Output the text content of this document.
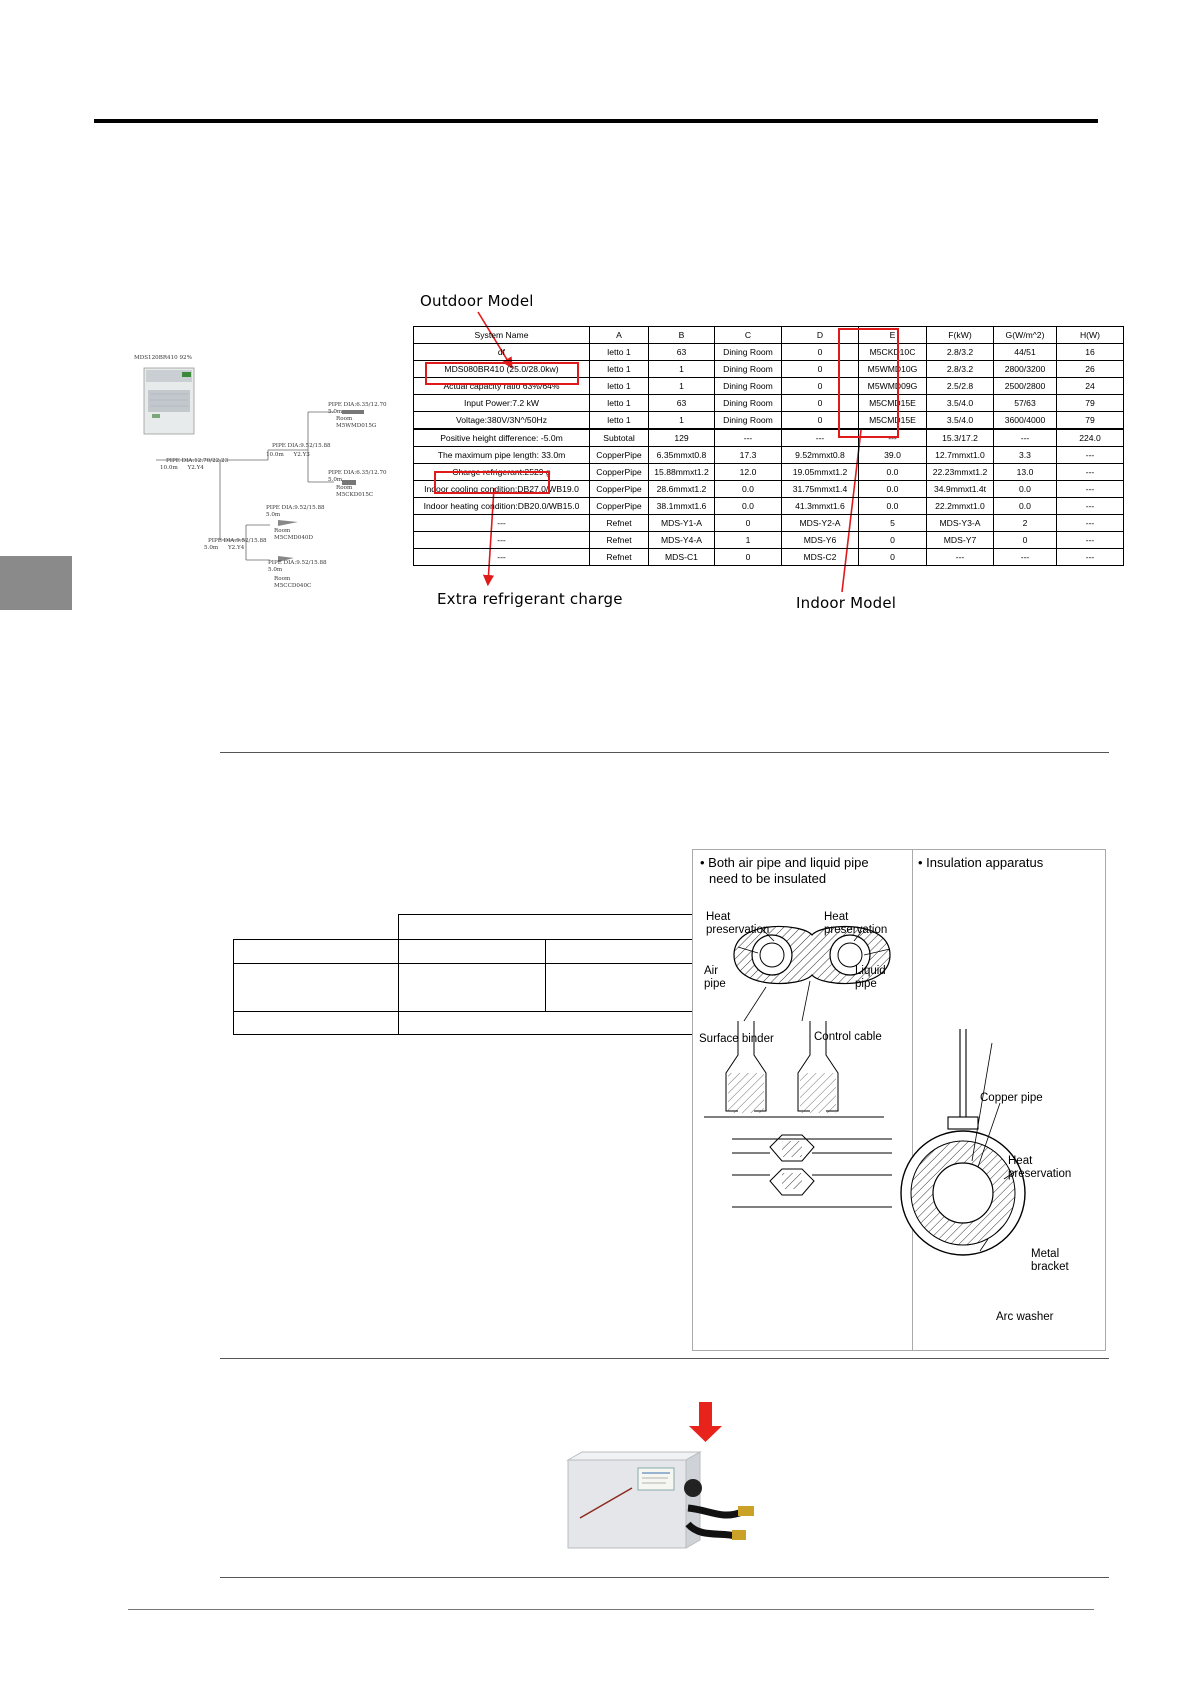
MDS120BR410 92%
PIPE DIA:6.35/12.70
5.0m
Room
M5WMD015G
PIPE DIA:9.52/15.88
10.0m Y2.Y3
PIPE DIA:6.35/12.70
5.0m
Room
M5CKD015C
PIPE DIA:12.70/22.23
10.0m Y2.Y4
PIPE DIA:9.52/15.88
5.0m
Room
M5CMD040D
PIPE DIA:9.52/15.88
5.0m Y2.Y4
PIPE DIA:9.52/15.88
5.0m
Room
M5CCD040C
Outdoor Model
Extra refrigerant charge	Indoor Model
System Name	A	B	C	D	E	F(kW)	G(W/m^2)	H(W)
df	letto 1	63	Dining Room	0	M5CKD10C	2.8/3.2	44/51	16
MDS080BR410 (25.0/28.0kw)	letto 1	1	Dining Room	0	M5WMD10G	2.8/3.2	2800/3200	26
Actual capacity ratio 63%/64%	letto 1	1	Dining Room	0	M5WMD09G	2.5/2.8	2500/2800	24
Input Power:7.2 kW	letto 1	63	Dining Room	0	M5CMD15E	3.5/4.0	57/63	79
Voltage:380V/3N^/50Hz	letto 1	1	Dining Room	0	M5CMD15E	3.5/4.0	3600/4000	79
Positive height difference: -5.0m	Subtotal	129	---	---	---	15.3/17.2	---	224.0
The maximum pipe length: 33.0m	CopperPipe	6.35mmxt0.8	17.3	9.52mmxt0.8	39.0	12.7mmxt1.0	3.3	---
Charge refrigerant:2529 g	CopperPipe	15.88mmxt1.2	12.0	19.05mmxt1.2	0.0	22.23mmxt1.2	13.0	---
Indoor cooling condition:DB27.0/WB19.0	CopperPipe	28.6mmxt1.2	0.0	31.75mmxt1.4	0.0	34.9mmxt1.4t	0.0	---
Indoor heating condition:DB20.0/WB15.0	CopperPipe	38.1mmxt1.6	0.0	41.3mmxt1.6	0.0	22.2mmxt1.0	0.0	---
---	Refnet	MDS-Y1-A	0	MDS-Y2-A	5	MDS-Y3-A	2	---
---	Refnet	MDS-Y4-A	1	MDS-Y6	0	MDS-Y7	0	---
---	Refnet	MDS-C1	0	MDS-C2	0	---	---	---

• Both air pipe and liquid pipe
need to be insulated
• Insulation apparatus
Heat
preservation
Heat
preservation
Air
pipe
Liquid
pipe
Surface binder	Control cable
Copper pipe
Heat
preservation
Metal
bracket
Arc washer
